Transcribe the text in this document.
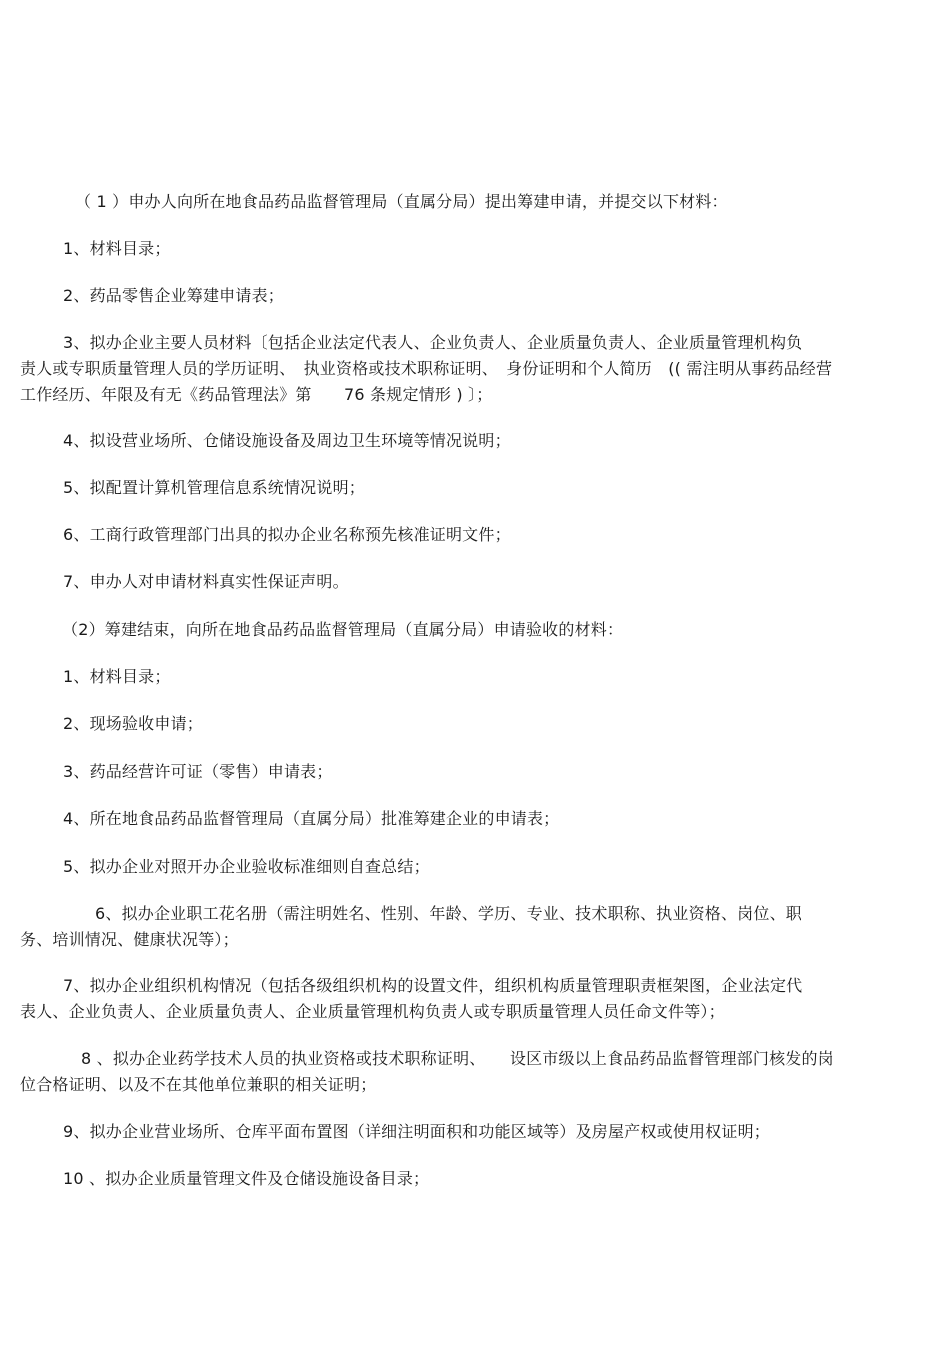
（ 1 ）申办人向所在地食品药品监督管理局（直属分局）提出筹建申请，并提交以下材料：
1、材料目录；
2、药品零售企业筹建申请表；
3、拟办企业主要人员材料〔包括企业法定代表人、企业负责人、企业质量负责人、企业质量管理机构负
责人或专职质量管理人员的学历证明、　执业资格或技术职称证明、　身份证明和个人简历　(( 需注明从事药品经营
工作经历、年限及有无《药品管理法》第　　76 条规定情形 ) 〕；
4、拟设营业场所、仓储设施设备及周边卫生环境等情况说明；
5、拟配置计算机管理信息系统情况说明；
6、工商行政管理部门出具的拟办企业名称预先核准证明文件；
7、申办人对申请材料真实性保证声明。
（2）筹建结束，向所在地食品药品监督管理局（直属分局）申请验收的材料：
1、材料目录；
2、现场验收申请；
3、药品经营许可证（零售）申请表；
4、所在地食品药品监督管理局（直属分局）批准筹建企业的申请表；
5、拟办企业对照开办企业验收标准细则自查总结；
6、拟办企业职工花名册（需注明姓名、性别、年龄、学历、专业、技术职称、执业资格、岗位、职
务、培训情况、健康状况等）；
7、拟办企业组织机构情况（包括各级组织机构的设置文件，组织机构质量管理职责框架图，企业法定代
表人、企业负责人、企业质量负责人、企业质量管理机构负责人或专职质量管理人员任命文件等）；
8 、拟办企业药学技术人员的执业资格或技术职称证明、　　设区市级以上食品药品监督管理部门核发的岗
位合格证明、以及不在其他单位兼职的相关证明；
9、拟办企业营业场所、仓库平面布置图（详细注明面积和功能区域等）及房屋产权或使用权证明；
10 、拟办企业质量管理文件及仓储设施设备目录；
